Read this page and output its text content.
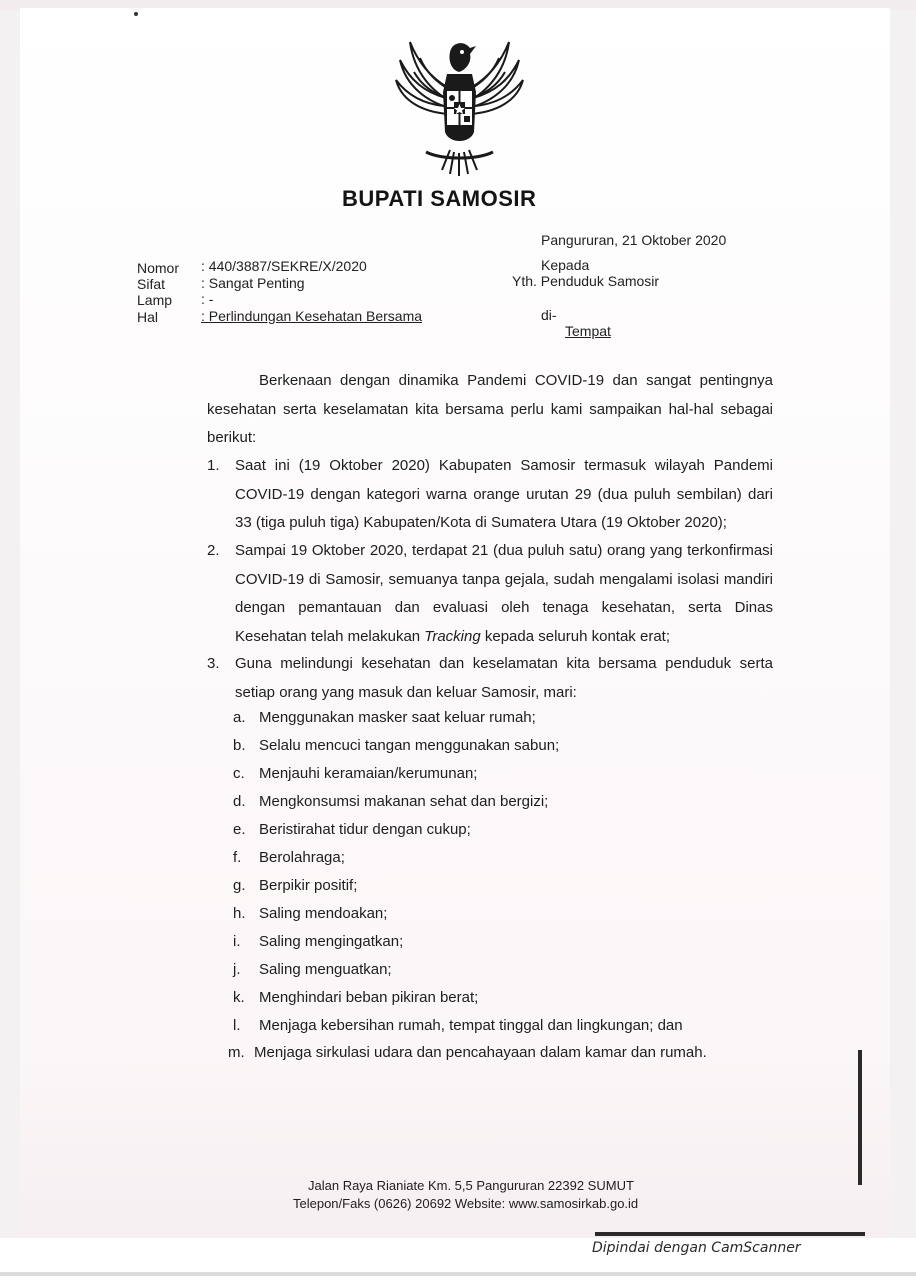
BUPATI SAMOSIR
Pangururan, 21 Oktober 2020
Kepada
Yth. Penduduk Samosir
di-
Tempat
Nomor : 440/3887/SEKRE/X/2020
Sifat	: Sangat Penting
Lamp : -
Hal	: Perlindungan Kesehatan Bersama
Berkenaan dengan dinamika Pandemi COVID-19 dan sangat pentingnya kesehatan serta keselamatan kita bersama perlu kami sampaikan hal-hal sebagai berikut:
1. Saat ini (19 Oktober 2020) Kabupaten Samosir termasuk wilayah Pandemi COVID-19 dengan kategori warna orange urutan 29 (dua puluh sembilan) dari 33 (tiga puluh tiga) Kabupaten/Kota di Sumatera Utara (19 Oktober 2020);
2. Sampai 19 Oktober 2020, terdapat 21 (dua puluh satu) orang yang terkonfirmasi COVID-19 di Samosir, semuanya tanpa gejala, sudah mengalami isolasi mandiri dengan pemantauan dan evaluasi oleh tenaga kesehatan, serta Dinas Kesehatan telah melakukan Tracking kepada seluruh kontak erat;
3. Guna melindungi kesehatan dan keselamatan kita bersama penduduk serta setiap orang yang masuk dan keluar Samosir, mari:
a. Menggunakan masker saat keluar rumah;
b. Selalu mencuci tangan menggunakan sabun;
c. Menjauhi keramaian/kerumunan;
d. Mengkonsumsi makanan sehat dan bergizi;
e. Beristirahat tidur dengan cukup;
f. Berolahraga;
g. Berpikir positif;
h. Saling mendoakan;
i. Saling mengingatkan;
j. Saling menguatkan;
k. Menghindari beban pikiran berat;
l. Menjaga kebersihan rumah, tempat tinggal dan lingkungan; dan
m. Menjaga sirkulasi udara dan pencahayaan dalam kamar dan rumah.
Jalan Raya Rianiate Km. 5,5 Pangururan 22392 SUMUT
Telepon/Faks (0626) 20692 Website: www.samosirkab.go.id
Dipindai dengan CamScanner
